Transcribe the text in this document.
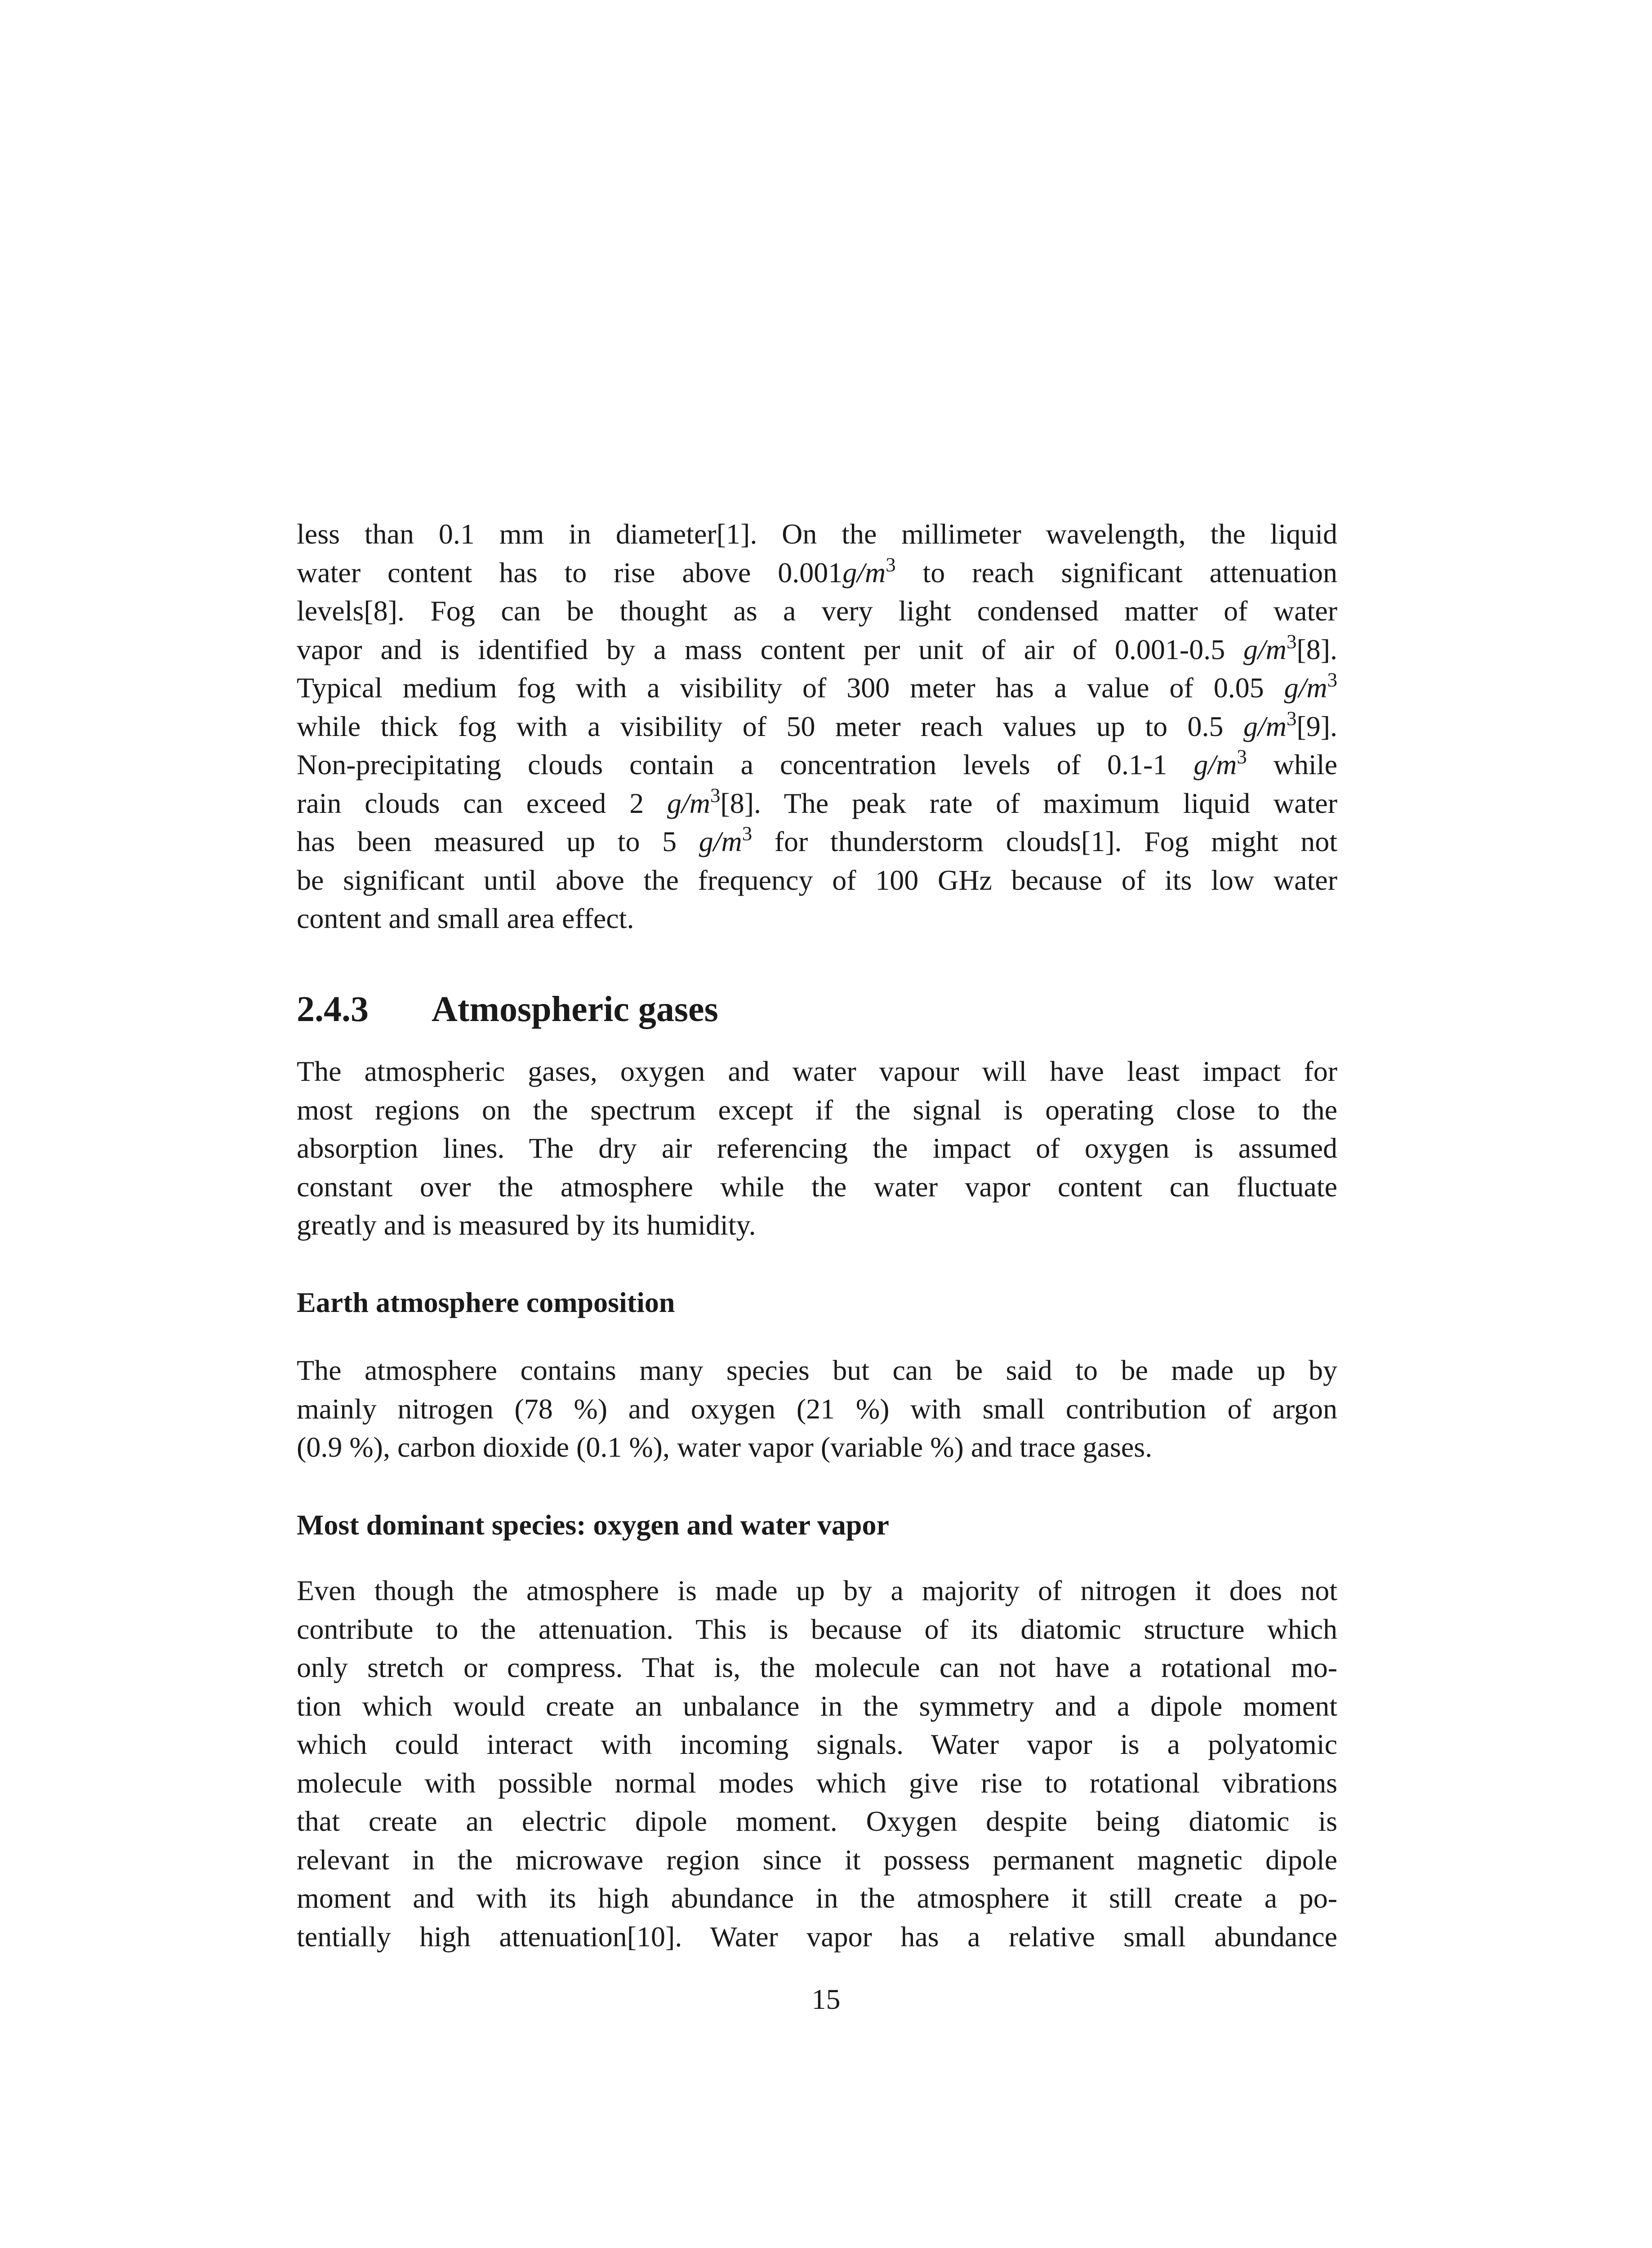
less than 0.1 mm in diameter[1]. On the millimeter wavelength, the liquid
water content has to rise above $0.001g/m^3$ to reach significant attenuation
levels[8]. Fog can be thought as a very light condensed matter of water
vapor and is identified by a mass content per unit of air of 0.001-0.5 $g/m^3[8]$.
Typical medium fog with a visibility of 300 meter has a value of 0.05 $g/m^3$
while thick fog with a visibility of 50 meter reach values up to 0.5 $g/m^3[9]$.
Non-precipitating clouds contain a concentration levels of 0.1-1 $g/m^3$ while
rain clouds can exceed 2 $g/m^3[8]$. The peak rate of maximum liquid water
has been measured up to 5 $g/m^3$ for thunderstorm clouds[1]. Fog might not
be significant until above the frequency of 100 GHz because of its low water
content and small area effect.
2.4.3 Atmospheric gases
The atmospheric gases, oxygen and water vapour will have least impact for
most regions on the spectrum except if the signal is operating close to the
absorption lines. The dry air referencing the impact of oxygen is assumed
constant over the atmosphere while the water vapor content can fluctuate
greatly and is measured by its humidity.
Earth atmosphere composition
The atmosphere contains many species but can be said to be made up by
mainly nitrogen (78 %) and oxygen (21 %) with small contribution of argon
(0.9 %), carbon dioxide (0.1 %), water vapor (variable %) and trace gases.
Most dominant species: oxygen and water vapor
Even though the atmosphere is made up by a majority of nitrogen it does not
contribute to the attenuation. This is because of its diatomic structure which
only stretch or compress. That is, the molecule can not have a rotational mo-
tion which would create an unbalance in the symmetry and a dipole moment
which could interact with incoming signals. Water vapor is a polyatomic
molecule with possible normal modes which give rise to rotational vibrations
that create an electric dipole moment. Oxygen despite being diatomic is
relevant in the microwave region since it possess permanent magnetic dipole
moment and with its high abundance in the atmosphere it still create a po-
tentially high attenuation[10]. Water vapor has a relative small abundance
15
